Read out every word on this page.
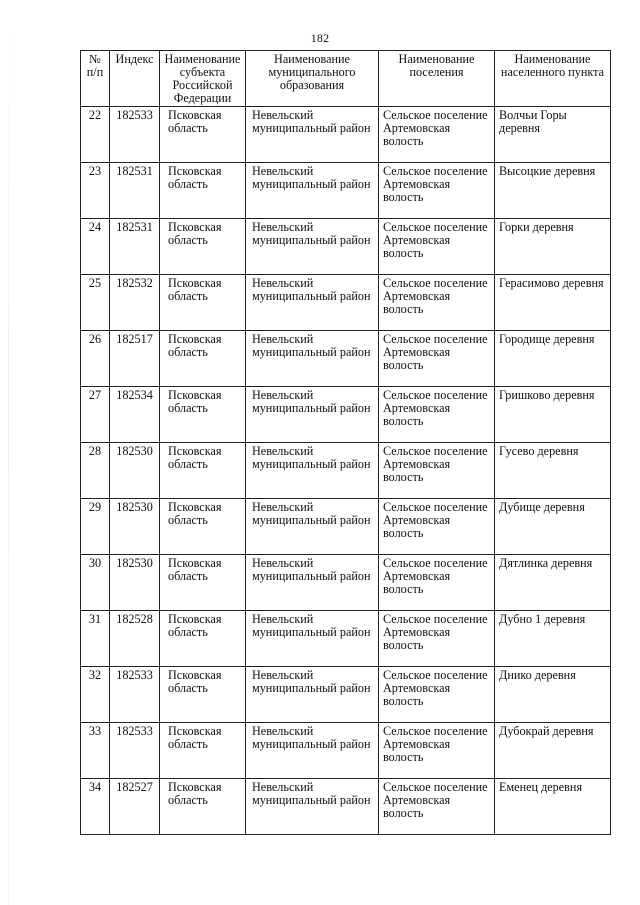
182
№ п/п	Индекс	Наименование субъекта Российской Федерации	Наименование муниципального образования	Наименование поселения	Наименование населенного пункта
22	182533	Псковская область	Невельский муниципальный район	Сельское поселение Артемовская волость	Волчьи Горы деревня
23	182531	Псковская область	Невельский муниципальный район	Сельское поселение Артемовская волость	Высоцкие деревня
24	182531	Псковская область	Невельский муниципальный район	Сельское поселение Артемовская волость	Горки деревня
25	182532	Псковская область	Невельский муниципальный район	Сельское поселение Артемовская волость	Герасимово деревня
26	182517	Псковская область	Невельский муниципальный район	Сельское поселение Артемовская волость	Городище деревня
27	182534	Псковская область	Невельский муниципальный район	Сельское поселение Артемовская волость	Гришково деревня
28	182530	Псковская область	Невельский муниципальный район	Сельское поселение Артемовская волость	Гусево деревня
29	182530	Псковская область	Невельский муниципальный район	Сельское поселение Артемовская волость	Дубище деревня
30	182530	Псковская область	Невельский муниципальный район	Сельское поселение Артемовская волость	Дятлинка деревня
31	182528	Псковская область	Невельский муниципальный район	Сельское поселение Артемовская волость	Дубно 1 деревня
32	182533	Псковская область	Невельский муниципальный район	Сельское поселение Артемовская волость	Днико деревня
33	182533	Псковская область	Невельский муниципальный район	Сельское поселение Артемовская волость	Дубокрай деревня
34	182527	Псковская область	Невельский муниципальный район	Сельское поселение Артемовская волость	Еменец деревня
